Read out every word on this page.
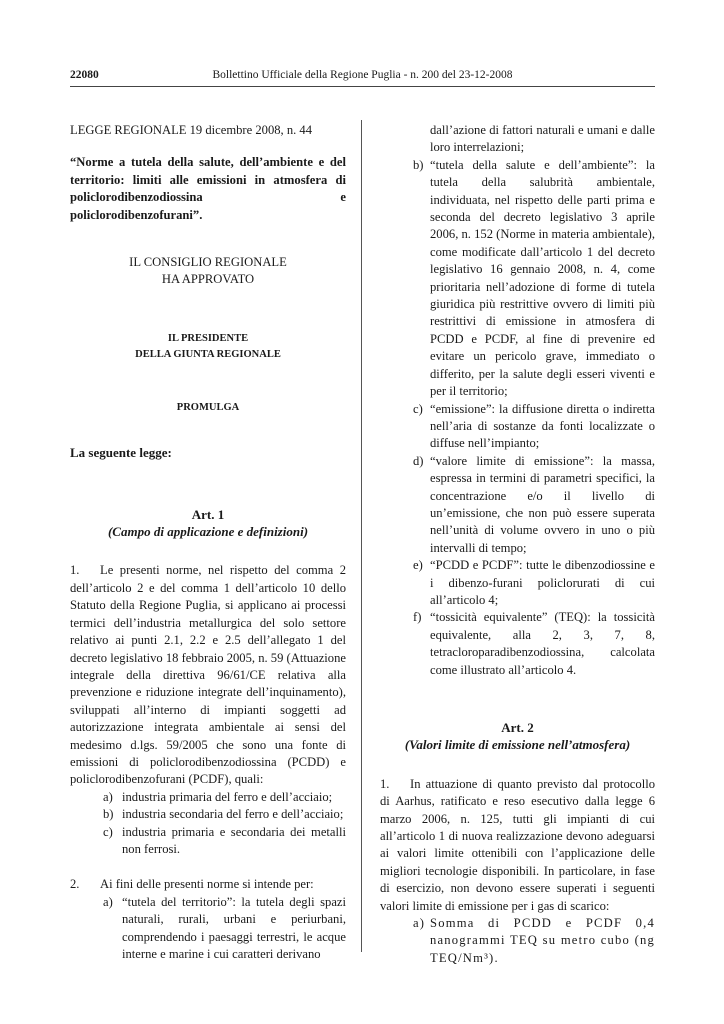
22080	Bollettino Ufficiale della Regione Puglia - n. 200 del 23-12-2008

LEGGE REGIONALE 19 dicembre 2008, n. 44

“Norme a tutela della salute, dell’ambiente e del territorio: limiti alle emissioni in atmosfera di policlorodibenzodiossina e policlorodibenzofurani”.

IL CONSIGLIO REGIONALE
HA APPROVATO
IL PRESIDENTE
DELLA GIUNTA REGIONALE
PROMULGA
La seguente legge:
Art. 1
(Campo di applicazione e definizioni)

1. Le presenti norme, nel rispetto del comma 2 dell’articolo 2 e del comma 1 dell’articolo 10 dello Statuto della Regione Puglia, si applicano ai processi termici dell’industria metallurgica del solo settore relativo ai punti 2.1, 2.2 e 2.5 dell’allegato 1 del decreto legislativo 18 febbraio 2005, n. 59 (Attuazione integrale della direttiva 96/61/CE relativa alla prevenzione e riduzione integrate dell’inquinamento), sviluppati all’interno di impianti soggetti ad autorizzazione integrata ambientale ai sensi del medesimo d.lgs. 59/2005 che sono una fonte di emissioni di policlorodibenzodiossina (PCDD) e policlorodibenzofurani (PCDF), quali:

a) industria primaria del ferro e dell’acciaio;
b) industria secondaria del ferro e dell’acciaio;
c) industria primaria e secondaria dei metalli non ferrosi.

2. Ai fini delle presenti norme si intende per:

a) “tutela del territorio”: la tutela degli spazi naturali, rurali, urbani e periurbani, comprendendo i paesaggi terrestri, le acque interne e marine i cui caratteri derivano

dall’azione di fattori naturali e umani e dalle loro interrelazioni;

b) “tutela della salute e dell’ambiente”: la tutela della salubrità ambientale, individuata, nel rispetto delle parti prima e seconda del decreto legislativo 3 aprile 2006, n. 152 (Norme in materia ambientale), come modificate dall’articolo 1 del decreto legislativo 16 gennaio 2008, n. 4, come prioritaria nell’adozione di forme di tutela giuridica più restrittive ovvero di limiti più restrittivi di emissione in atmosfera di PCDD e PCDF, al fine di prevenire ed evitare un pericolo grave, immediato o differito, per la salute degli esseri viventi e per il territorio;
c) “emissione”: la diffusione diretta o indiretta nell’aria di sostanze da fonti localizzate o diffuse nell’impianto;
d) “valore limite di emissione”: la massa, espressa in termini di parametri specifici, la concentrazione e/o il livello di un’emissione, che non può essere superata nell’unità di volume ovvero in uno o più intervalli di tempo;
e) “PCDD e PCDF”: tutte le dibenzodiossine e i dibenzo-furani policlorurati di cui all’articolo 4;
f) “tossicità equivalente” (TEQ): la tossicità equivalente, alla 2, 3, 7, 8, tetracloroparadibenzodiossina, calcolata come illustrato all’articolo 4.
Art. 2
(Valori limite di emissione nell’atmosfera)

1. In attuazione di quanto previsto dal protocollo di Aarhus, ratificato e reso esecutivo dalla legge 6 marzo 2006, n. 125, tutti gli impianti di cui all’articolo 1 di nuova realizzazione devono adeguarsi ai valori limite ottenibili con l’applicazione delle migliori tecnologie disponibili. In particolare, in fase di esercizio, non devono essere superati i seguenti valori limite di emissione per i gas di scarico:

a) Somma di PCDD e PCDF 0,4 nanogrammi TEQ su metro cubo (ng TEQ/Nm³).
